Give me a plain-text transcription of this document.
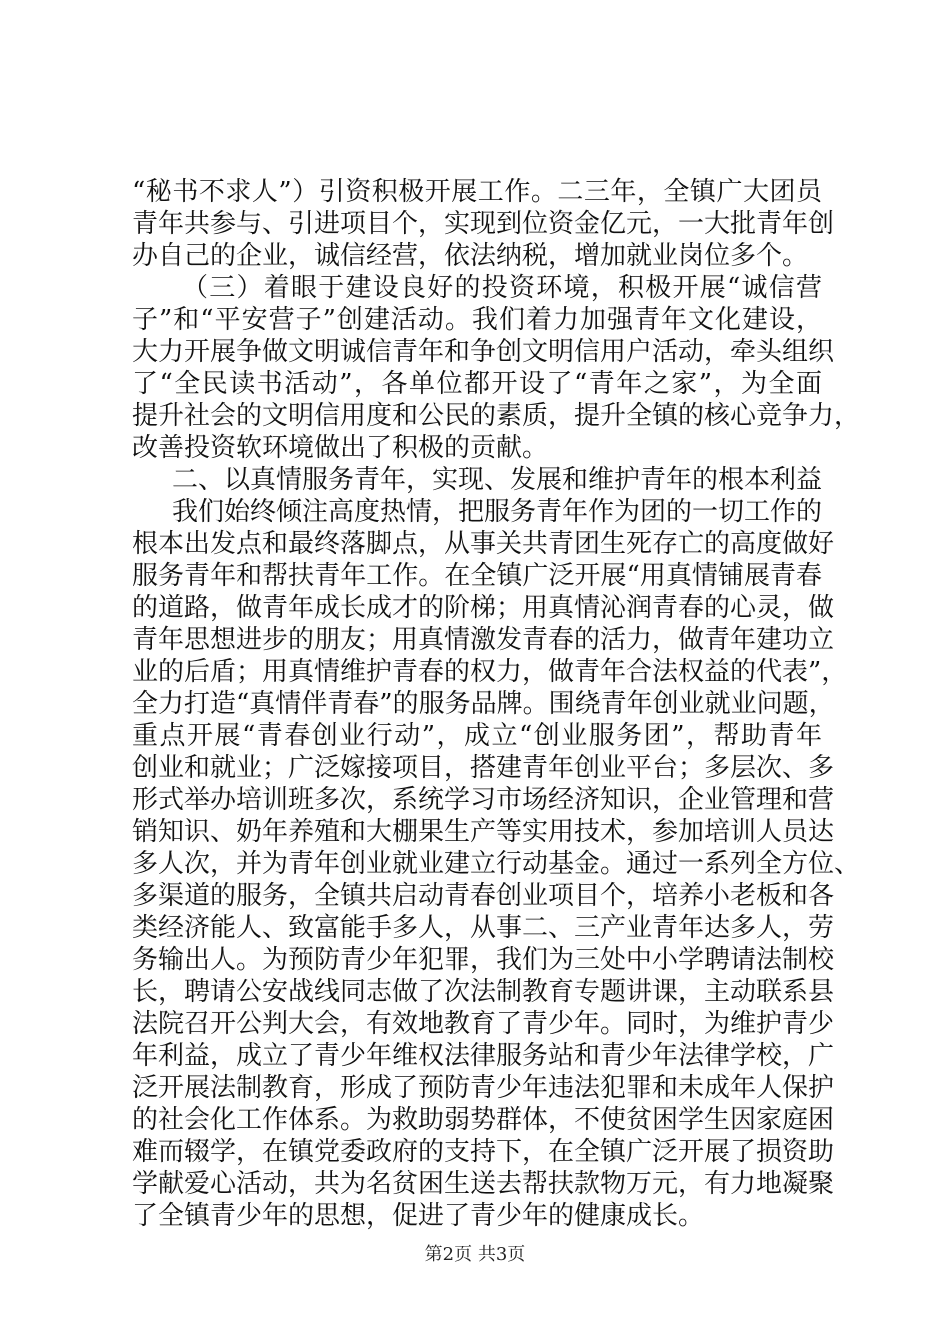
“秘书不求人”）引资积极开展工作。二三年，全镇广大团员
青年共参与、引进项目个，实现到位资金亿元，一大批青年创
办自己的企业，诚信经营，依法纳税，增加就业岗位多个。
（三）着眼于建设良好的投资环境，积极开展“诚信营
子”和“平安营子”创建活动。我们着力加强青年文化建设，
大力开展争做文明诚信青年和争创文明信用户活动，牵头组织
了“全民读书活动”，各单位都开设了“青年之家”，为全面
提升社会的文明信用度和公民的素质，提升全镇的核心竞争力，
改善投资软环境做出了积极的贡献。
二、以真情服务青年，实现、发展和维护青年的根本利益
我们始终倾注高度热情，把服务青年作为团的一切工作的
根本出发点和最终落脚点，从事关共青团生死存亡的高度做好
服务青年和帮扶青年工作。在全镇广泛开展“用真情铺展青春
的道路，做青年成长成才的阶梯；用真情沁润青春的心灵，做
青年思想进步的朋友；用真情激发青春的活力，做青年建功立
业的后盾；用真情维护青春的权力，做青年合法权益的代表”，
全力打造“真情伴青春”的服务品牌。围绕青年创业就业问题，
重点开展“青春创业行动”，成立“创业服务团”，帮助青年
创业和就业；广泛嫁接项目，搭建青年创业平台；多层次、多
形式举办培训班多次，系统学习市场经济知识，企业管理和营
销知识、奶年养殖和大棚果生产等实用技术，参加培训人员达
多人次，并为青年创业就业建立行动基金。通过一系列全方位、
多渠道的服务，全镇共启动青春创业项目个，培养小老板和各
类经济能人、致富能手多人，从事二、三产业青年达多人，劳
务输出人。为预防青少年犯罪，我们为三处中小学聘请法制校
长，聘请公安战线同志做了次法制教育专题讲课，主动联系县
法院召开公判大会，有效地教育了青少年。同时，为维护青少
年利益，成立了青少年维权法律服务站和青少年法律学校，广
泛开展法制教育，形成了预防青少年违法犯罪和未成年人保护
的社会化工作体系。为救助弱势群体，不使贫困学生因家庭困
难而辍学，在镇党委政府的支持下，在全镇广泛开展了损资助
学献爱心活动，共为名贫困生送去帮扶款物万元，有力地凝聚
了全镇青少年的思想，促进了青少年的健康成长。
第2页 共3页
